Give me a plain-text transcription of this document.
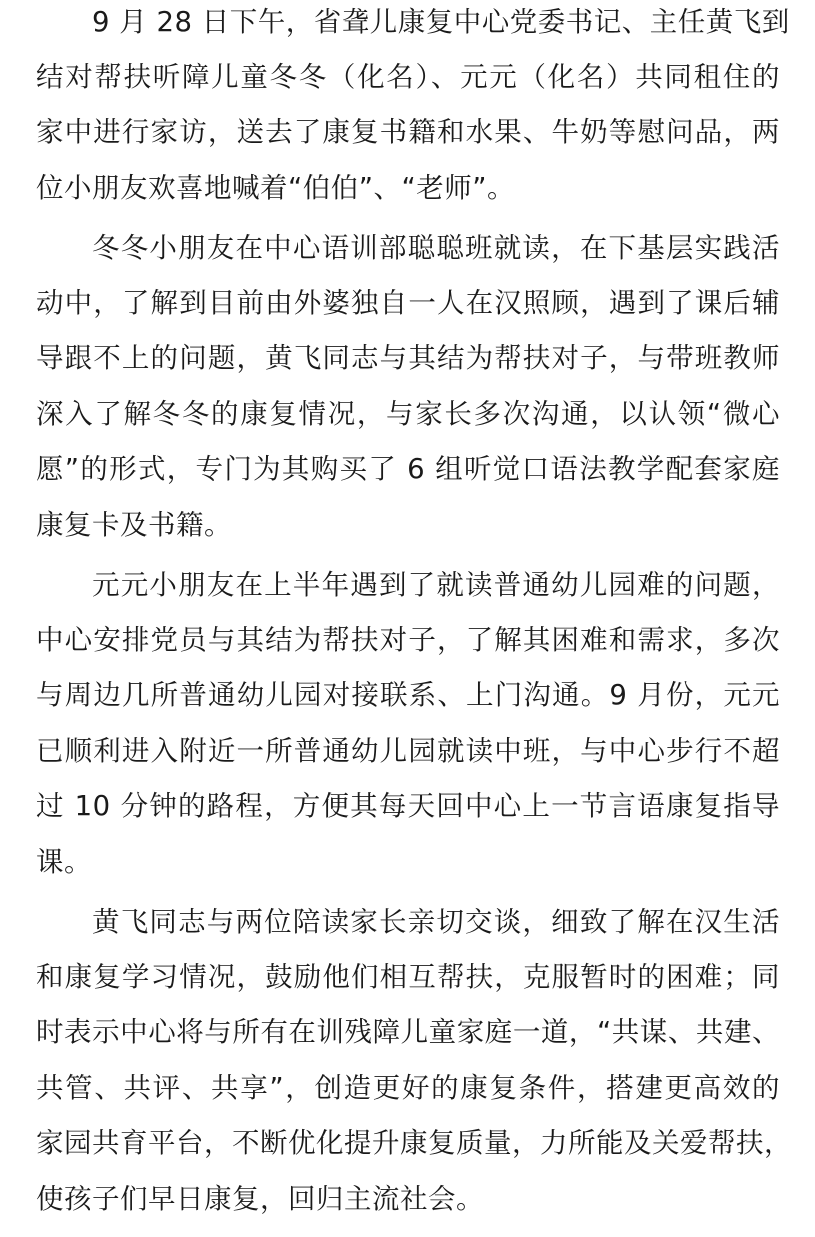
9 月 28 日下午，省聋儿康复中心党委书记、主任黄飞到
结对帮扶听障儿童冬冬（化名）、元元（化名）共同租住的
家中进行家访，送去了康复书籍和水果、牛奶等慰问品，两
位小朋友欢喜地喊着“伯伯”、“老师”。
冬冬小朋友在中心语训部聪聪班就读，在下基层实践活
动中，了解到目前由外婆独自一人在汉照顾，遇到了课后辅
导跟不上的问题，黄飞同志与其结为帮扶对子，与带班教师
深入了解冬冬的康复情况，与家长多次沟通，以认领“微心
愿”的形式，专门为其购买了 6 组听觉口语法教学配套家庭
康复卡及书籍。
元元小朋友在上半年遇到了就读普通幼儿园难的问题，
中心安排党员与其结为帮扶对子，了解其困难和需求，多次
与周边几所普通幼儿园对接联系、上门沟通。9 月份，元元
已顺利进入附近一所普通幼儿园就读中班，与中心步行不超
过 10 分钟的路程，方便其每天回中心上一节言语康复指导
课。
黄飞同志与两位陪读家长亲切交谈，细致了解在汉生活
和康复学习情况，鼓励他们相互帮扶，克服暂时的困难；同
时表示中心将与所有在训残障儿童家庭一道，“共谋、共建、
共管、共评、共享”，创造更好的康复条件，搭建更高效的
家园共育平台，不断优化提升康复质量，力所能及关爱帮扶，
使孩子们早日康复，回归主流社会。
